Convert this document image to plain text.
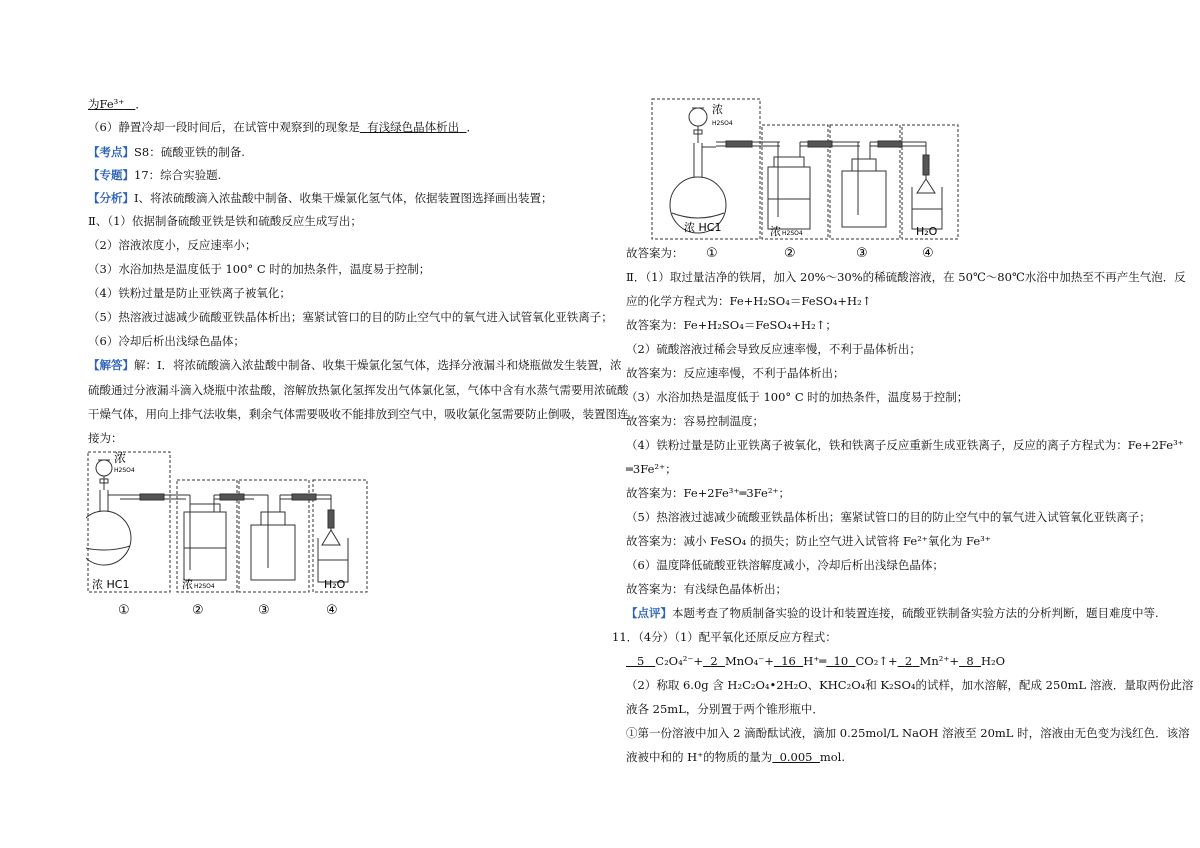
为Fe³⁺ ．
（6）静置冷却一段时间后，在试管中观察到的现象是 有浅绿色晶体析出 ．
【考点】S8：硫酸亚铁的制备.
【专题】17：综合实验题.
【分析】Ⅰ、将浓硫酸滴入浓盐酸中制备、收集干燥氯化氢气体，依据装置图选择画出装置；
Ⅱ、（1）依据制备硫酸亚铁是铁和硫酸反应生成写出；
（2）溶液浓度小，反应速率小；
（3）水浴加热是温度低于 100° C 时的加热条件，温度易于控制；
（4）铁粉过量是防止亚铁离子被氧化；
（5）热溶液过滤减少硫酸亚铁晶体析出；塞紧试管口的目的防止空气中的氧气进入试管氧化亚铁离子；
（6）冷却后析出浅绿色晶体；
【解答】解：Ⅰ．将浓硫酸滴入浓盐酸中制备、收集干燥氯化氢气体，选择分液漏斗和烧瓶做发生装置，浓
硫酸通过分液漏斗滴入烧瓶中浓盐酸，溶解放热氯化氢挥发出气体氯化氢，气体中含有水蒸气需要用浓硫酸
干燥气体，用向上排气法收集，剩余气体需要吸收不能排放到空气中，吸收氯化氢需要防止倒吸，装置图连
接为：
浓
H2SO4
浓 HC1	浓 H2SO4	H₂O
①	②	③	④
浓
H2SO4
浓 HC1	浓 H2SO4	H₂O
①	②	③	④
故答案为：
Ⅱ．（1）取过量洁净的铁屑，加入 20%～30%的稀硫酸溶液，在 50℃～80℃水浴中加热至不再产生气泡．反
应的化学方程式为：Fe+H₂SO₄＝FeSO₄+H₂↑
故答案为：Fe+H₂SO₄＝FeSO₄+H₂↑；
（2）硫酸溶液过稀会导致反应速率慢，不利于晶体析出；
故答案为：反应速率慢，不利于晶体析出；
（3）水浴加热是温度低于 100° C 时的加热条件，温度易于控制；
故答案为：容易控制温度；
（4）铁粉过量是防止亚铁离子被氧化，铁和铁离子反应重新生成亚铁离子，反应的离子方程式为：Fe+2Fe³⁺
═3Fe²⁺；
故答案为：Fe+2Fe³⁺═3Fe²⁺；
（5）热溶液过滤减少硫酸亚铁晶体析出；塞紧试管口的目的防止空气中的氧气进入试管氧化亚铁离子；
故答案为：减小 FeSO₄ 的损失；防止空气进入试管将 Fe²⁺氧化为 Fe³⁺
（6）温度降低硫酸亚铁溶解度减小，冷却后析出浅绿色晶体；
故答案为：有浅绿色晶体析出；
【点评】本题考查了物质制备实验的设计和装置连接，硫酸亚铁制备实验方法的分析判断，题目难度中等.
11．（4分）（1）配平氧化还原反应方程式：
5 C₂O₄²⁻+ 2 MnO₄⁻+ 16 H⁺═ 10 CO₂↑+ 2 Mn²⁺+ 8 H₂O
（2）称取 6.0g 含 H₂C₂O₄•2H₂O、KHC₂O₄和 K₂SO₄的试样，加水溶解，配成 250mL 溶液．量取两份此溶
液各 25mL，分别置于两个锥形瓶中．
①第一份溶液中加入 2 滴酚酞试液，滴加 0.25mol/L NaOH 溶液至 20mL 时，溶液由无色变为浅红色．该溶
液被中和的 H⁺的物质的量为 0.005 mol.
